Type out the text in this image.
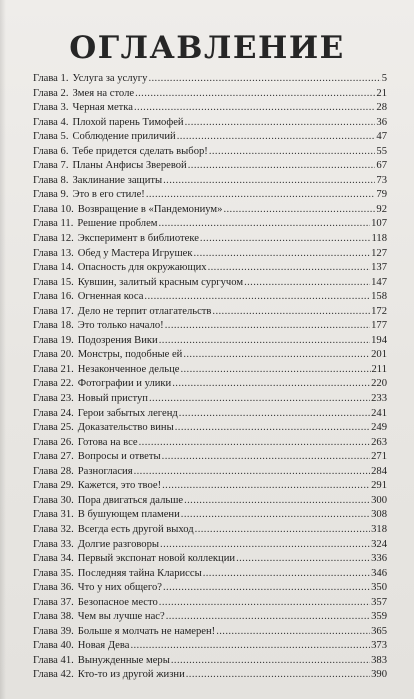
ОГЛАВЛЕНИЕ
Глава 1. Услуга за услугу .....	5
Глава 2. Змея на столе .....	21
Глава 3. Черная метка .....	28
Глава 4. Плохой парень Тимофей .....	36
Глава 5. Соблюдение приличий .....	47
Глава 6. Тебе придется сделать выбор! .....	55
Глава 7. Планы Анфисы Зверевой .....	67
Глава 8. Заклинание защиты .....	73
Глава 9. Это в его стиле! .....	79
Глава 10. Возвращение в «Пандемониум» .....	92
Глава 11. Решение проблем .....	107
Глава 12. Эксперимент в библиотеке .....	118
Глава 13. Обед у Мастера Игрушек .....	127
Глава 14. Опасность для окружающих .....	137
Глава 15. Кувшин, залитый красным сургучом .....	147
Глава 16. Огненная коса .....	158
Глава 17. Дело не терпит отлагательств .....	172
Глава 18. Это только начало! .....	177
Глава 19. Подозрения Вики .....	194
Глава 20. Монстры, подобные ей .....	201
Глава 21. Незаконченное дельце .....	211
Глава 22. Фотографии и улики .....	220
Глава 23. Новый приступ .....	233
Глава 24. Герои забытых легенд .....	241
Глава 25. Доказательство вины .....	249
Глава 26. Готова на все .....	263
Глава 27. Вопросы и ответы .....	271
Глава 28. Разногласия .....	284
Глава 29. Кажется, это твое! .....	291
Глава 30. Пора двигаться дальше .....	300
Глава 31. В бушующем пламени .....	308
Глава 32. Всегда есть другой выход .....	318
Глава 33. Долгие разговоры .....	324
Глава 34. Первый экспонат новой коллекции .....	336
Глава 35. Последняя тайна Кларисcы .....	346
Глава 36. Что у них общего? .....	350
Глава 37. Безопасное место .....	357
Глава 38. Чем вы лучше нас? .....	359
Глава 39. Больше я молчать не намерен! .....	365
Глава 40. Новая Дева .....	373
Глава 41. Вынужденные меры .....	383
Глава 42. Кто-то из другой жизни .....	390
